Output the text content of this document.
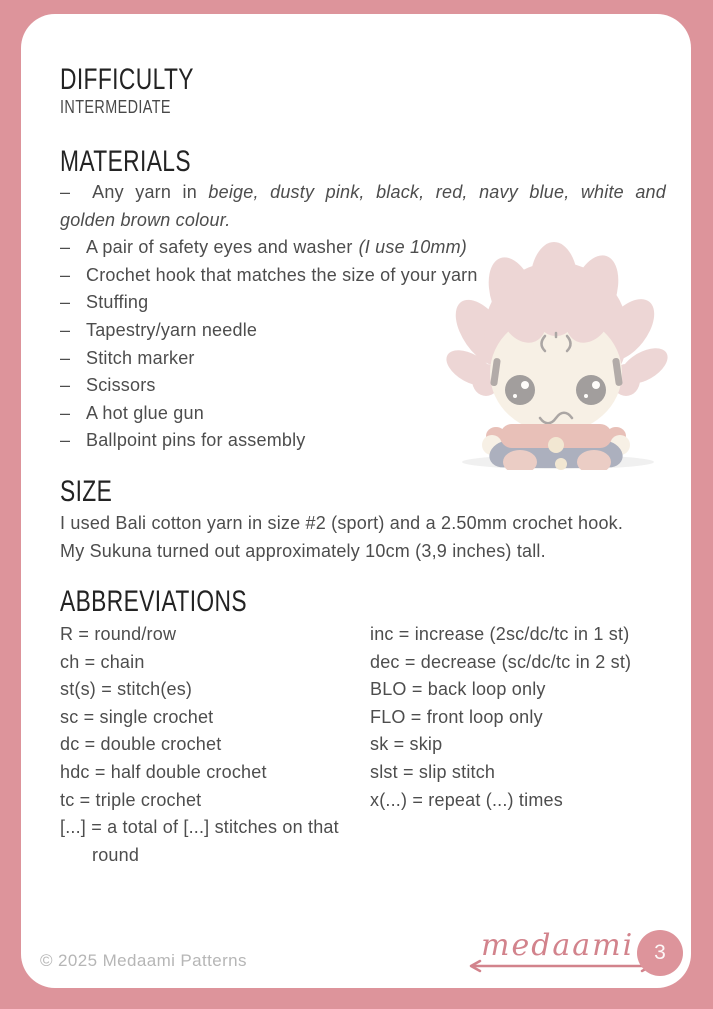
DIFFICULTY
INTERMEDIATE
MATERIALS
–  Any yarn in beige, dusty pink, black, red, navy blue, white and
golden brown colour.
– A pair of safety eyes and washer (I use 10mm)
– Crochet hook that matches the size of your yarn
– Stuffing
– Tapestry/yarn needle
– Stitch marker
– Scissors
– A hot glue gun
– Ballpoint pins for assembly
SIZE
I used Bali cotton yarn in size #2 (sport) and a 2.50mm crochet hook.
My Sukuna turned out approximately 10cm (3,9 inches) tall.
ABBREVIATIONS
R = round/row
ch = chain
st(s) = stitch(es)
sc = single crochet
dc = double crochet
hdc = half double crochet
tc = triple crochet
[...] = a total of [...] stitches on that
round
inc = increase (2sc/dc/tc in 1 st)
dec = decrease (sc/dc/tc in 2 st)
BLO = back loop only
FLO = front loop only
sk = skip
slst = slip stitch
x(...) = repeat (...) times
© 2025 Medaami Patterns	medaami 3
